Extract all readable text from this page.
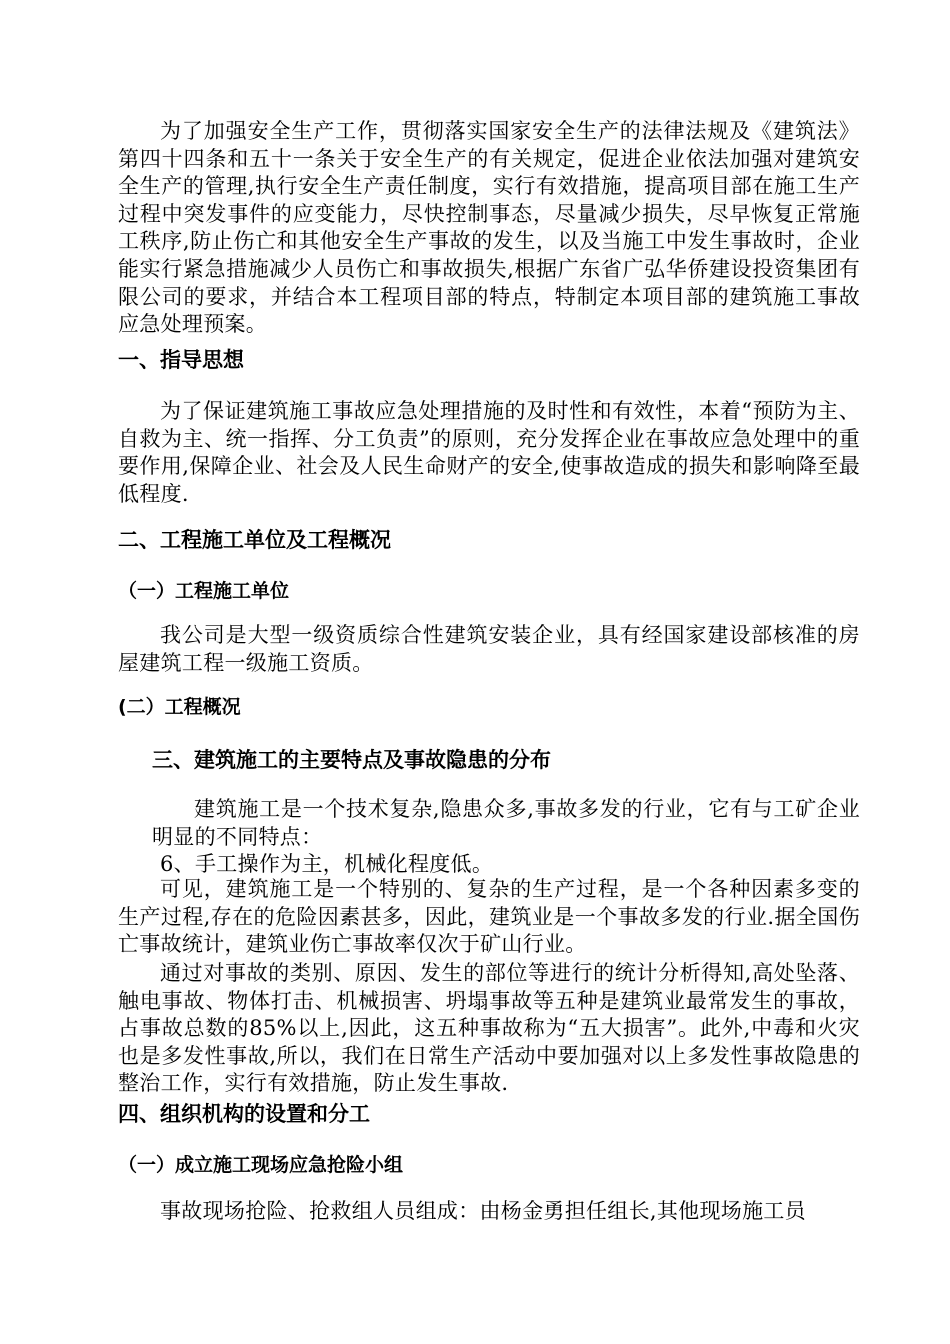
为了加强安全生产工作，贯彻落实国家安全生产的法律法规及《建筑法》第四十四条和五十一条关于安全生产的有关规定，促进企业依法加强对建筑安全生产的管理,执行安全生产责任制度，实行有效措施，提高项目部在施工生产过程中突发事件的应变能力，尽快控制事态，尽量减少损失，尽早恢复正常施工秩序,防止伤亡和其他安全生产事故的发生，以及当施工中发生事故时，企业能实行紧急措施减少人员伤亡和事故损失,根据广东省广弘华侨建设投资集团有限公司的要求，并结合本工程项目部的特点，特制定本项目部的建筑施工事故应急处理预案。

一、指导思想

为了保证建筑施工事故应急处理措施的及时性和有效性，本着“预防为主、自救为主、统一指挥、分工负责”的原则，充分发挥企业在事故应急处理中的重要作用,保障企业、社会及人民生命财产的安全,使事故造成的损失和影响降至最低程度.

二、工程施工单位及工程概况
（一）工程施工单位

我公司是大型一级资质综合性建筑安装企业，具有经国家建设部核准的房屋建筑工程一级施工资质。

(二）工程概况
三、建筑施工的主要特点及事故隐患的分布

建筑施工是一个技术复杂,隐患众多,事故多发的行业，它有与工矿企业明显的不同特点：

6、手工操作为主，机械化程度低。

可见，建筑施工是一个特别的、复杂的生产过程，是一个各种因素多变的生产过程,存在的危险因素甚多，因此，建筑业是一个事故多发的行业.据全国伤亡事故统计，建筑业伤亡事故率仅次于矿山行业。

通过对事故的类别、原因、发生的部位等进行的统计分析得知,高处坠落、触电事故、物体打击、机械损害、坍塌事故等五种是建筑业最常发生的事故，占事故总数的85%以上,因此，这五种事故称为“五大损害”。此外,中毒和火灾也是多发性事故,所以，我们在日常生产活动中要加强对以上多发性事故隐患的整治工作，实行有效措施，防止发生事故.

四、组织机构的设置和分工
（一）成立施工现场应急抢险小组

事故现场抢险、抢救组人员组成：由杨金勇担任组长,其他现场施工员
